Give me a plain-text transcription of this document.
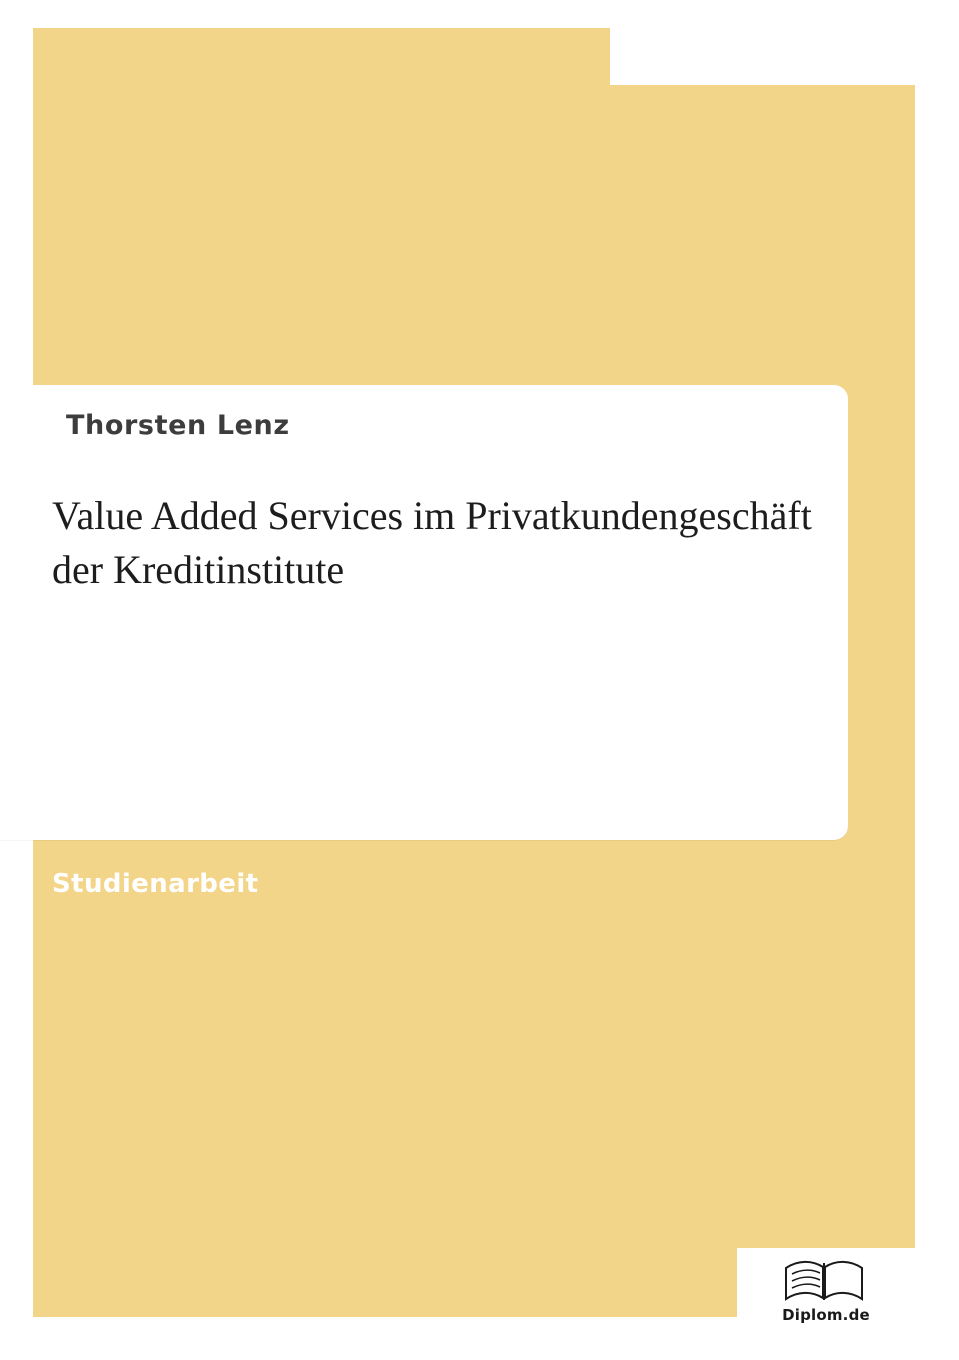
Wirtschaft
Thorsten Lenz
Value Added Services im Privatkundengeschäft der Kreditinstitute
Studienarbeit
Diplom.de
